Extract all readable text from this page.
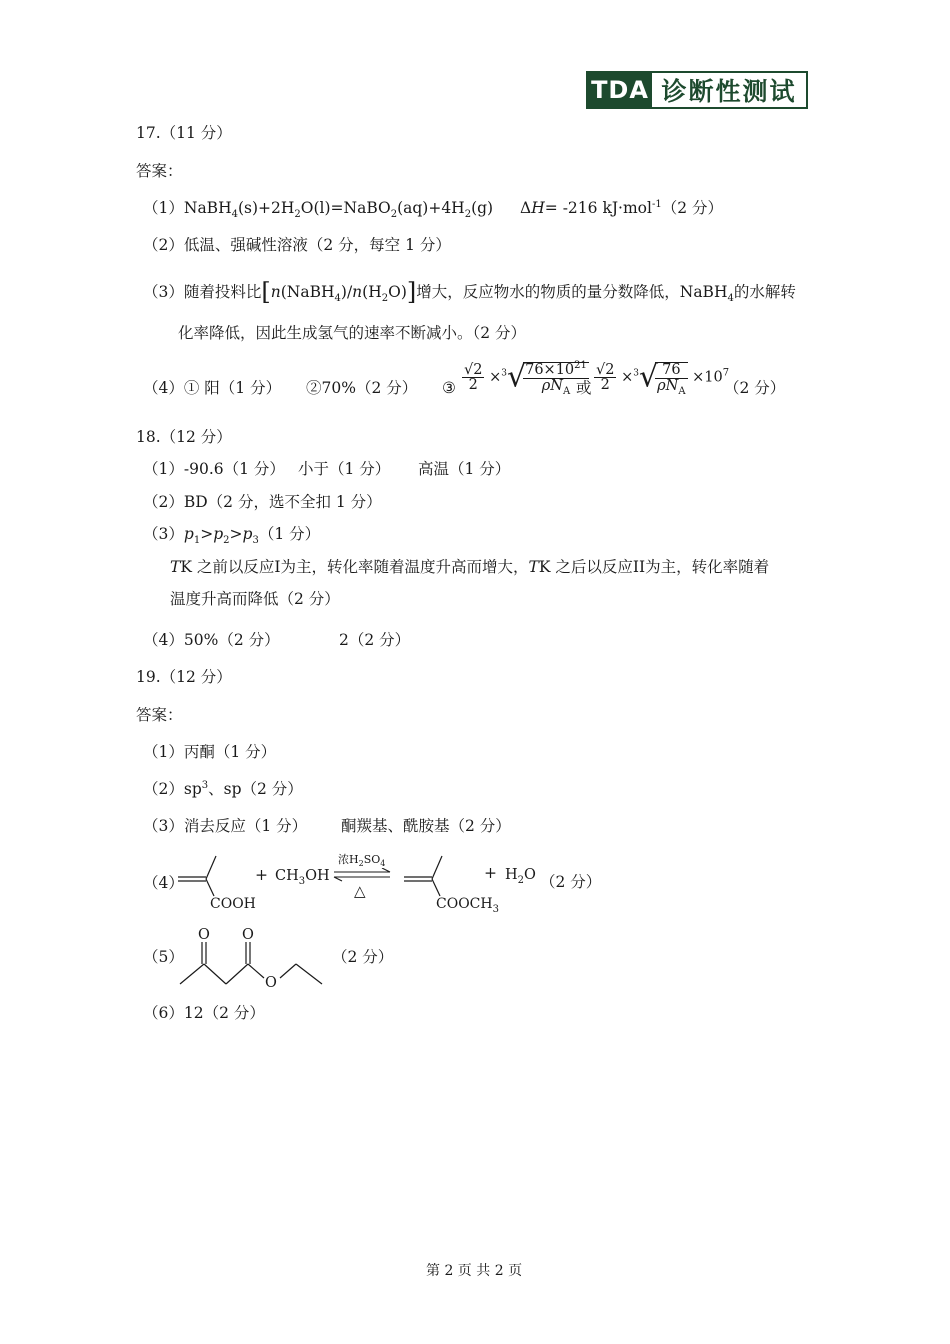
TDA 诊断性测试
17.（11 分）
答案：
$(1)NaBH_4(s)+2H_2O(l)=NaBO_2(aq)+4H_2(g)$ ΔH= -216 kJ·mol$^{-1}$（2 分）
（2）低温、强碱性溶液（2 分，每空 1 分）
（3）随着投料比$[n(NaBH_4)/n(H_2O)]$增大，反应物水的物质的量分数降低，NaBH$_4$的水解转
化率降低，因此生成氢气的速率不断减小。（2 分）
（4）① 阳（1 分） ②70%（2 分） ③ $\frac{√2}{2} \times^3√$
$\frac{76\times 10^{21}}{\rho N_A}$
或 $\frac{√2}{2} \times^3√$
$\frac{76}{\rho N_A} \times 10^7$
（2 分）
18.（12 分）
（1）-90.6（1 分） 小于（1 分） 高温（1 分）
（2）BD（2 分，选不全扣 1 分）
$(3)p_1>p_2>p_3(1$ 分）
TK 之前以反应I为主，转化率随着温度升高而增大，TK 之后以反应II为主，转化率随着
温度升高而降低（2 分）
（4）50%（2 分）	2（2 分）
19.（12 分）
答案：
（1）丙酮（1 分）
$(2)sp^3$、sp（2 分）
（3）消去反应（1 分） 酮羰基、酰胺基（2 分）
（4）
COOH
+ $CH_3OH$
浓$H_2SO_4$
△
$COOCH_3$
+ $H_2O$ （2 分）
（5）
O O
O
（2 分）
（6）12（2 分）
第 2 页 共 2 页
